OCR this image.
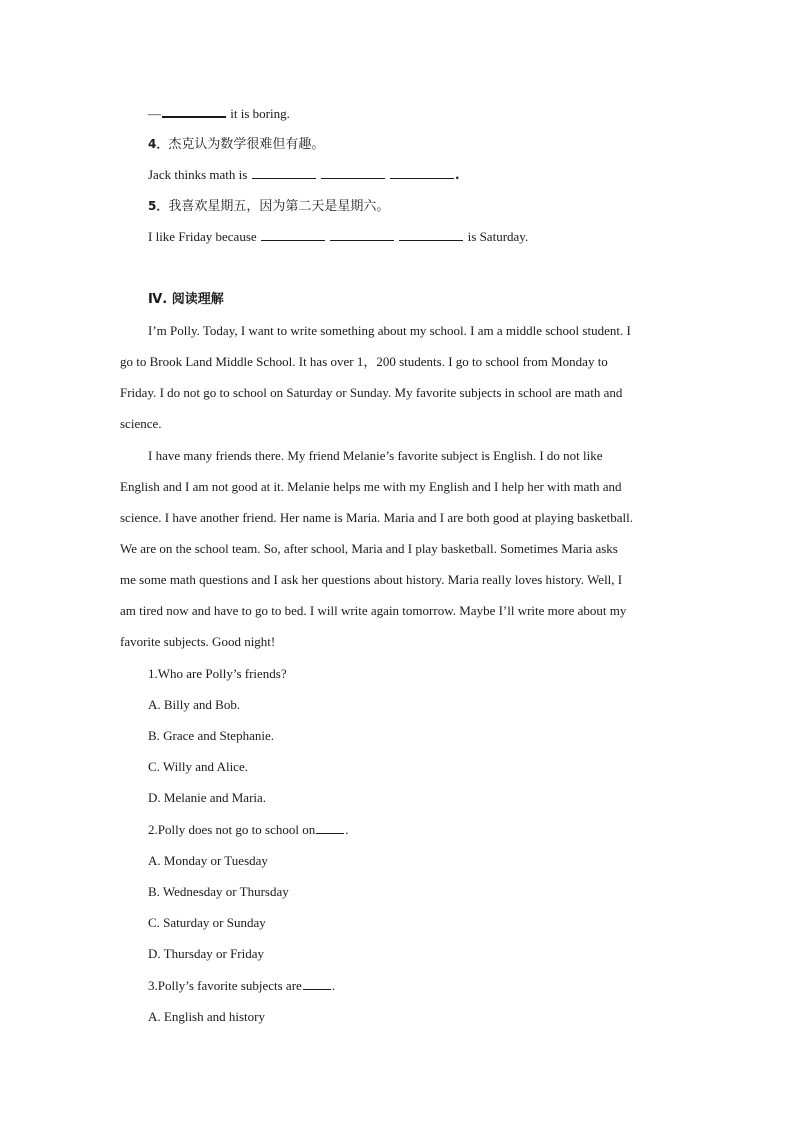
—	it is boring.
4．杰克认为数学很难但有趣。
Jack thinks math is	.
5．我喜欢星期五，因为第二天是星期六。
I like Friday because	is Saturday.
Ⅳ. 阅读理解
I’m Polly. Today, I want to write something about my school. I am a middle school student. I
go to Brook Land Middle School. It has over 1，200 students. I go to school from Monday to
Friday. I do not go to school on Saturday or Sunday. My favorite subjects in school are math and
science.
I have many friends there. My friend Melanie’s favorite subject is English. I do not like
English and I am not good at it. Melanie helps me with my English and I help her with math and
science. I have another friend. Her name is Maria. Maria and I are both good at playing basketball.
We are on the school team. So, after school, Maria and I play basketball. Sometimes Maria asks
me some math questions and I ask her questions about history. Maria really loves history. Well, I
am tired now and have to go to bed. I will write again tomorrow. Maybe I’ll write more about my
favorite subjects. Good night!
1.Who are Polly’s friends?
A. Billy and Bob.
B. Grace and Stephanie.
C. Willy and Alice.
D. Melanie and Maria.
2.Polly does not go to school on .
A. Monday or Tuesday
B. Wednesday or Thursday
C. Saturday or Sunday
D. Thursday or Friday
3.Polly’s favorite subjects are .
A. English and history
